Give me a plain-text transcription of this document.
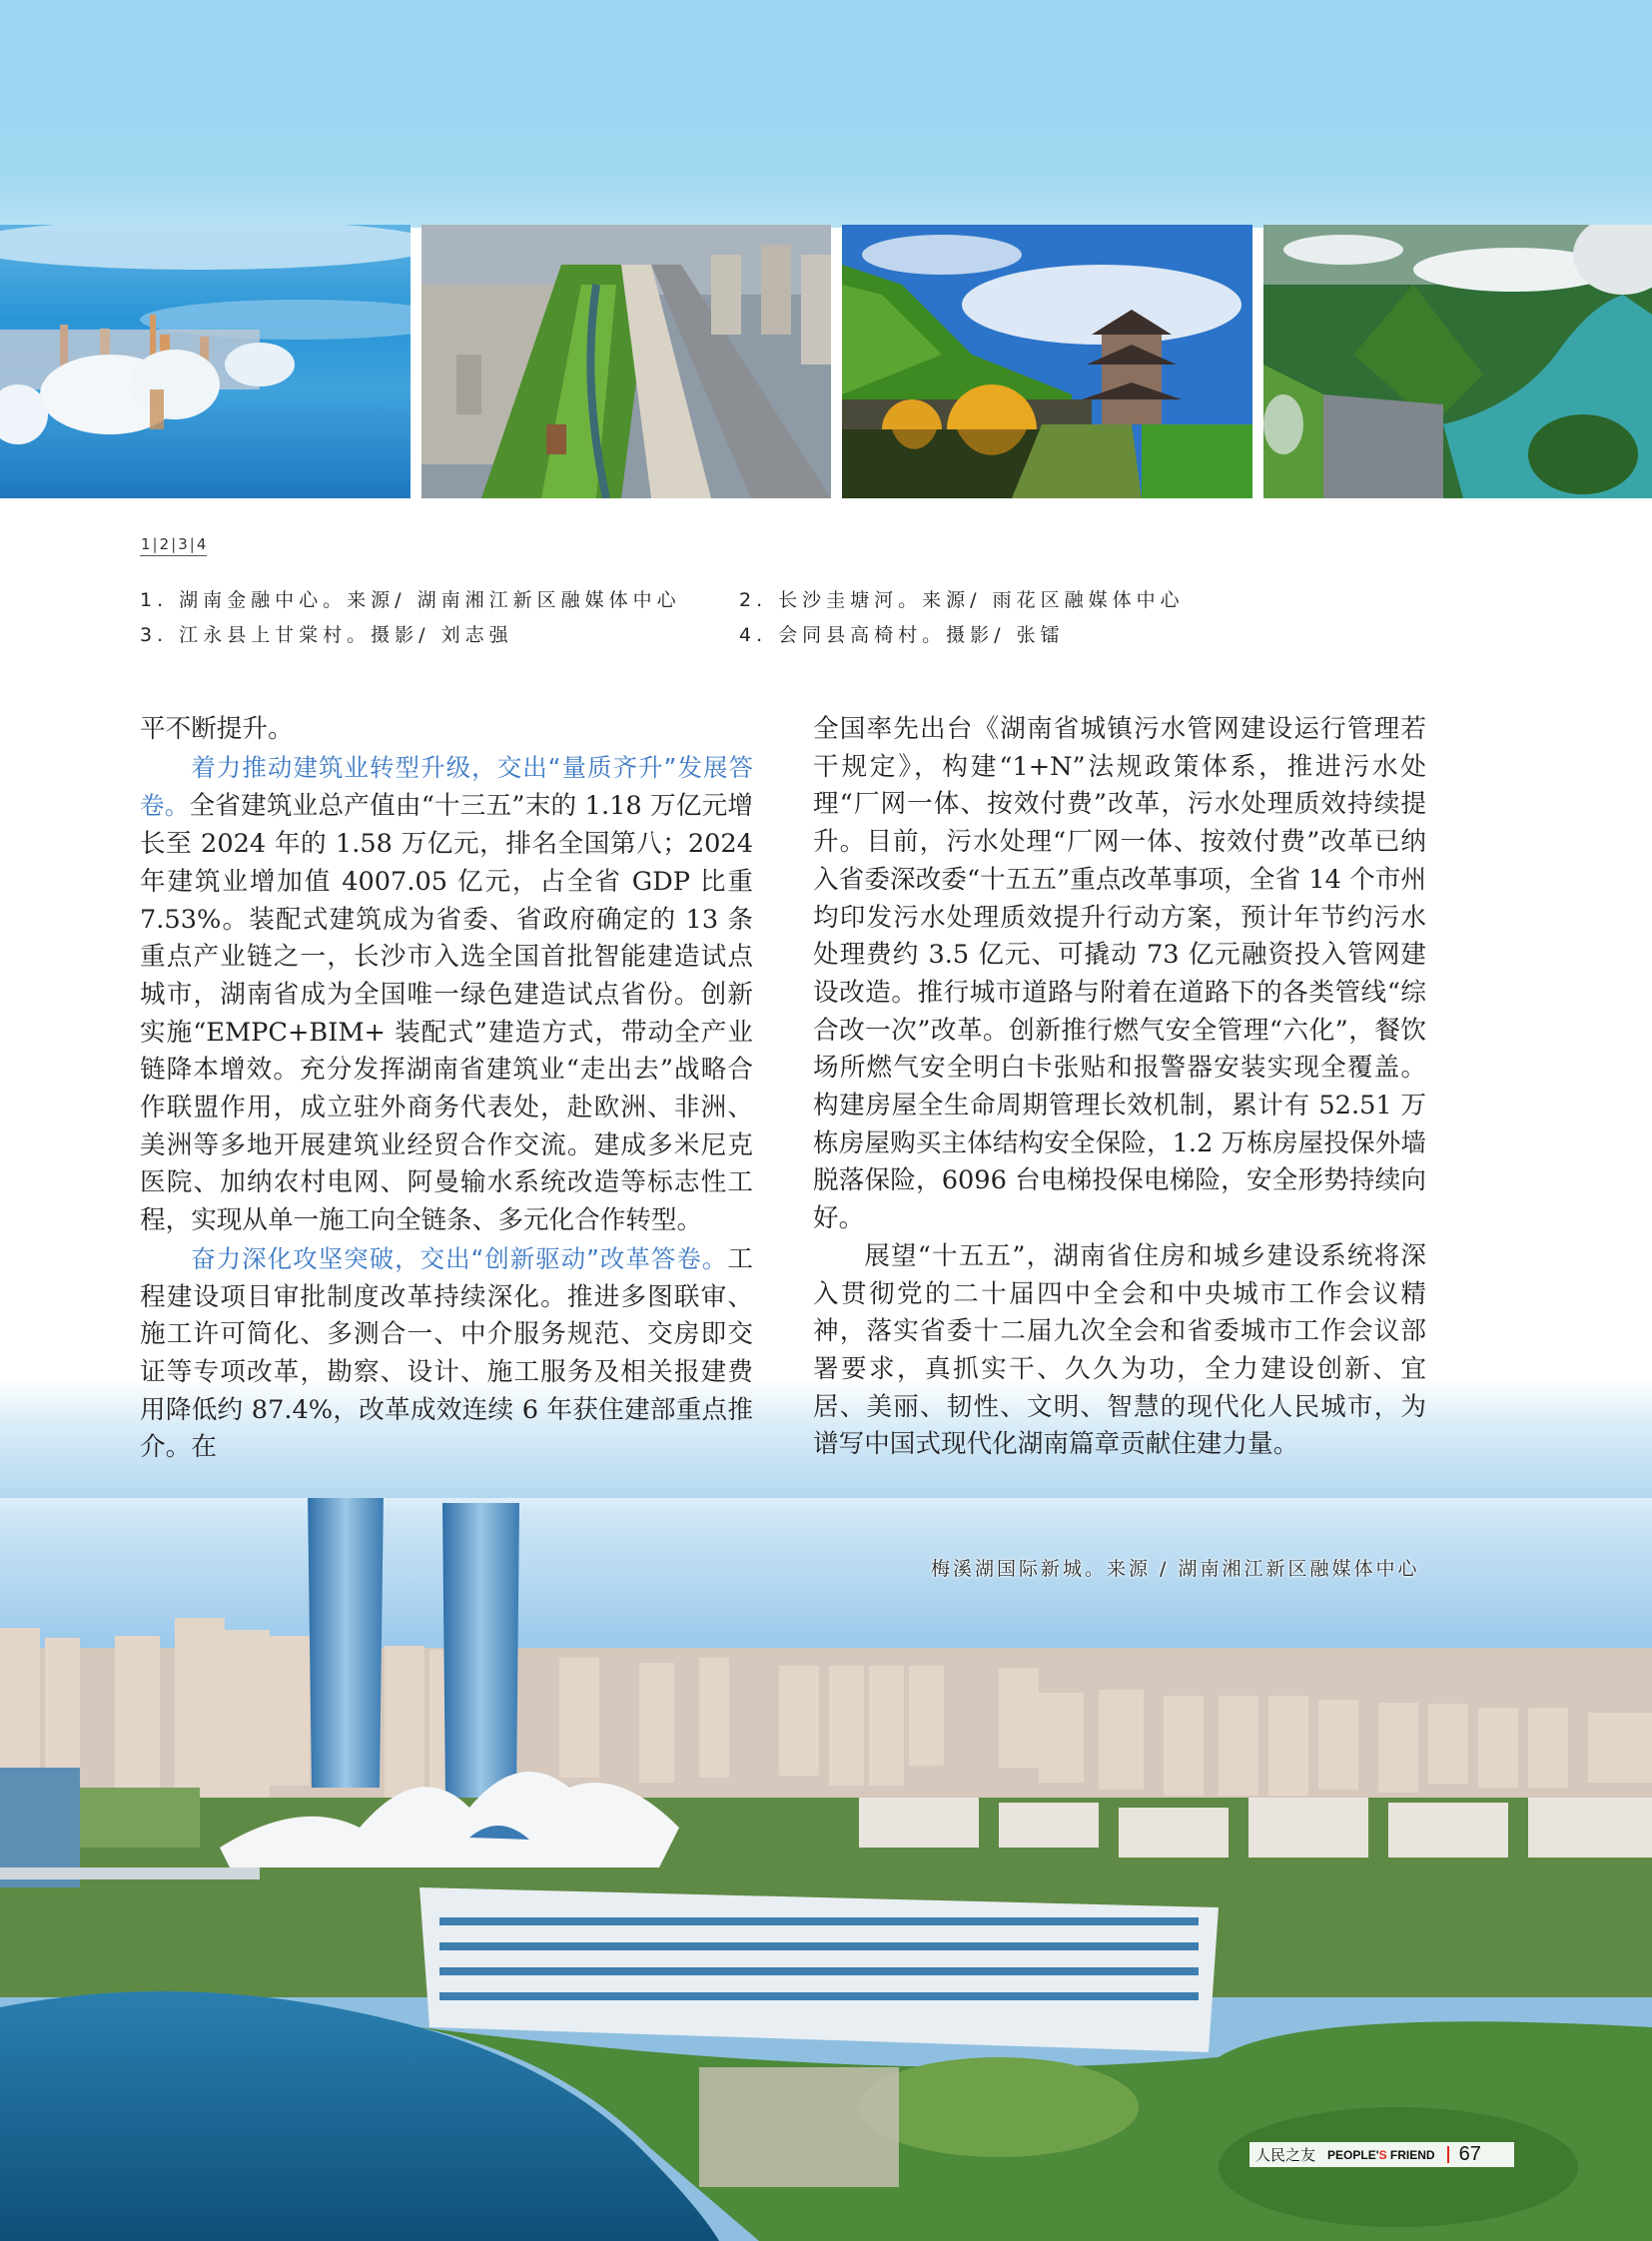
1 | 2 | 3 | 4
1. 湖南金融中心。来源/ 湖南湘江新区融媒体中心	2. 长沙圭塘河。来源/ 雨花区融媒体中心
3. 江永县上甘棠村。摄影/ 刘志强	4. 会同县高椅村。摄影/ 张镭

平不断提升。

着力推动建筑业转型升级，交出“量质齐升”发展答卷。全省建筑业总产值由“十三五”末的 1.18 万亿元增长至 2024 年的 1.58 万亿元，排名全国第八；2024 年建筑业增加值 4007.05 亿元，占全省 GDP 比重 7.53%。装配式建筑成为省委、省政府确定的 13 条重点产业链之一，长沙市入选全国首批智能建造试点城市，湖南省成为全国唯一绿色建造试点省份。创新实施“EMPC+BIM+ 装配式”建造方式，带动全产业链降本增效。充分发挥湖南省建筑业“走出去”战略合作联盟作用，成立驻外商务代表处，赴欧洲、非洲、美洲等多地开展建筑业经贸合作交流。建成多米尼克医院、加纳农村电网、阿曼输水系统改造等标志性工程，实现从单一施工向全链条、多元化合作转型。

奋力深化攻坚突破，交出“创新驱动”改革答卷。工程建设项目审批制度改革持续深化。推进多图联审、施工许可简化、多测合一、中介服务规范、交房即交证等专项改革，勘察、设计、施工服务及相关报建费用降低约 87.4%，改革成效连续 6 年获住建部重点推介。在

全国率先出台《湖南省城镇污水管网建设运行管理若干规定》，构建“1+N”法规政策体系，推进污水处理“厂网一体、按效付费”改革，污水处理质效持续提升。目前，污水处理“厂网一体、按效付费”改革已纳入省委深改委“十五五”重点改革事项，全省 14 个市州均印发污水处理质效提升行动方案，预计年节约污水处理费约 3.5 亿元、可撬动 73 亿元融资投入管网建设改造。推行城市道路与附着在道路下的各类管线“综合改一次”改革。创新推行燃气安全管理“六化”，餐饮场所燃气安全明白卡张贴和报警器安装实现全覆盖。构建房屋全生命周期管理长效机制，累计有 52.51 万栋房屋购买主体结构安全保险，1.2 万栋房屋投保外墙脱落保险，6096 台电梯投保电梯险，安全形势持续向好。

展望“十五五”，湖南省住房和城乡建设系统将深入贯彻党的二十届四中全会和中央城市工作会议精神，落实省委十二届九次全会和省委城市工作会议部署要求，真抓实干、久久为功，全力建设创新、宜居、美丽、韧性、文明、智慧的现代化人民城市，为谱写中国式现代化湖南篇章贡献住建力量。

梅溪湖国际新城。来源 / 湖南湘江新区融媒体中心
人民之友 PEOPLE'S FRIEND 67
